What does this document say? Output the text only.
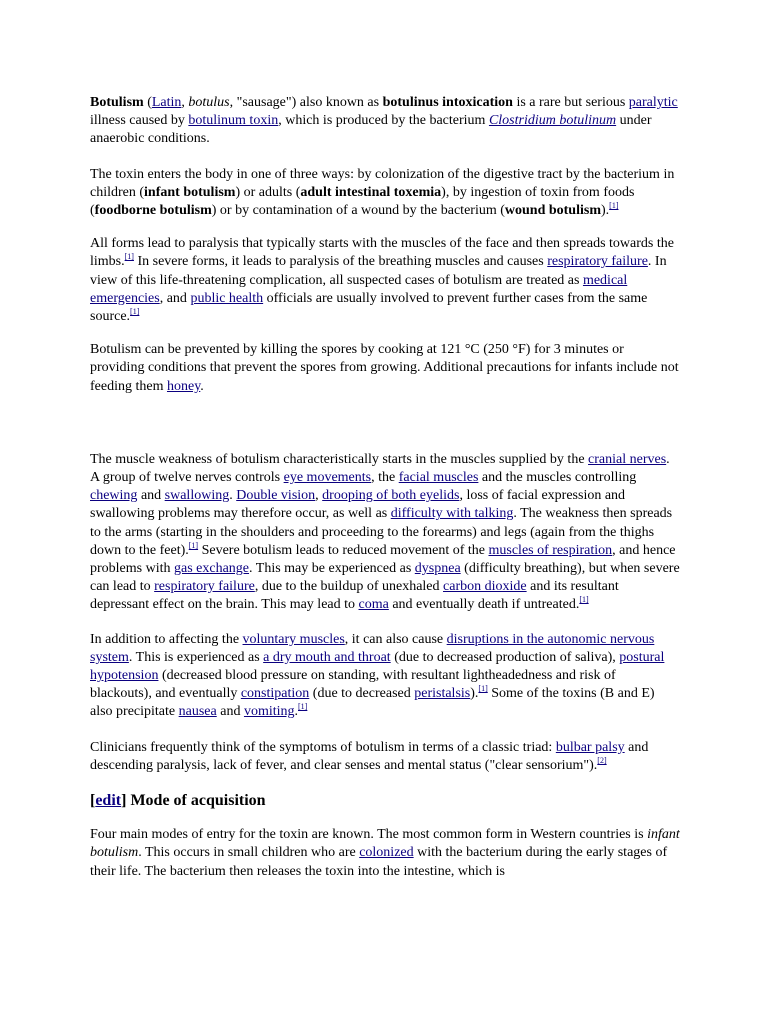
Botulism (Latin, botulus, "sausage") also known as botulinus intoxication is a rare but serious paralytic illness caused by botulinum toxin, which is produced by the bacterium Clostridium botulinum under anaerobic conditions.

The toxin enters the body in one of three ways: by colonization of the digestive tract by the bacterium in children (infant botulism) or adults (adult intestinal toxemia), by ingestion of toxin from foods (foodborne botulism) or by contamination of a wound by the bacterium (wound botulism).[1]

All forms lead to paralysis that typically starts with the muscles of the face and then spreads towards the limbs.[1] In severe forms, it leads to paralysis of the breathing muscles and causes respiratory failure. In view of this life-threatening complication, all suspected cases of botulism are treated as medical emergencies, and public health officials are usually involved to prevent further cases from the same source.[1]

Botulism can be prevented by killing the spores by cooking at 121 °C (250 °F) for 3 minutes or providing conditions that prevent the spores from growing. Additional precautions for infants include not feeding them honey.

The muscle weakness of botulism characteristically starts in the muscles supplied by the cranial nerves. A group of twelve nerves controls eye movements, the facial muscles and the muscles controlling chewing and swallowing. Double vision, drooping of both eyelids, loss of facial expression and swallowing problems may therefore occur, as well as difficulty with talking. The weakness then spreads to the arms (starting in the shoulders and proceeding to the forearms) and legs (again from the thighs down to the feet).[1] Severe botulism leads to reduced movement of the muscles of respiration, and hence problems with gas exchange. This may be experienced as dyspnea (difficulty breathing), but when severe can lead to respiratory failure, due to the buildup of unexhaled carbon dioxide and its resultant depressant effect on the brain. This may lead to coma and eventually death if untreated.[1]

In addition to affecting the voluntary muscles, it can also cause disruptions in the autonomic nervous system. This is experienced as a dry mouth and throat (due to decreased production of saliva), postural hypotension (decreased blood pressure on standing, with resultant lightheadedness and risk of blackouts), and eventually constipation (due to decreased peristalsis).[1] Some of the toxins (B and E) also precipitate nausea and vomiting.[1]

Clinicians frequently think of the symptoms of botulism in terms of a classic triad: bulbar palsy and descending paralysis, lack of fever, and clear senses and mental status ("clear sensorium").[2]

[edit] Mode of acquisition

Four main modes of entry for the toxin are known. The most common form in Western countries is infant botulism. This occurs in small children who are colonized with the bacterium during the early stages of their life. The bacterium then releases the toxin into the intestine, which is
